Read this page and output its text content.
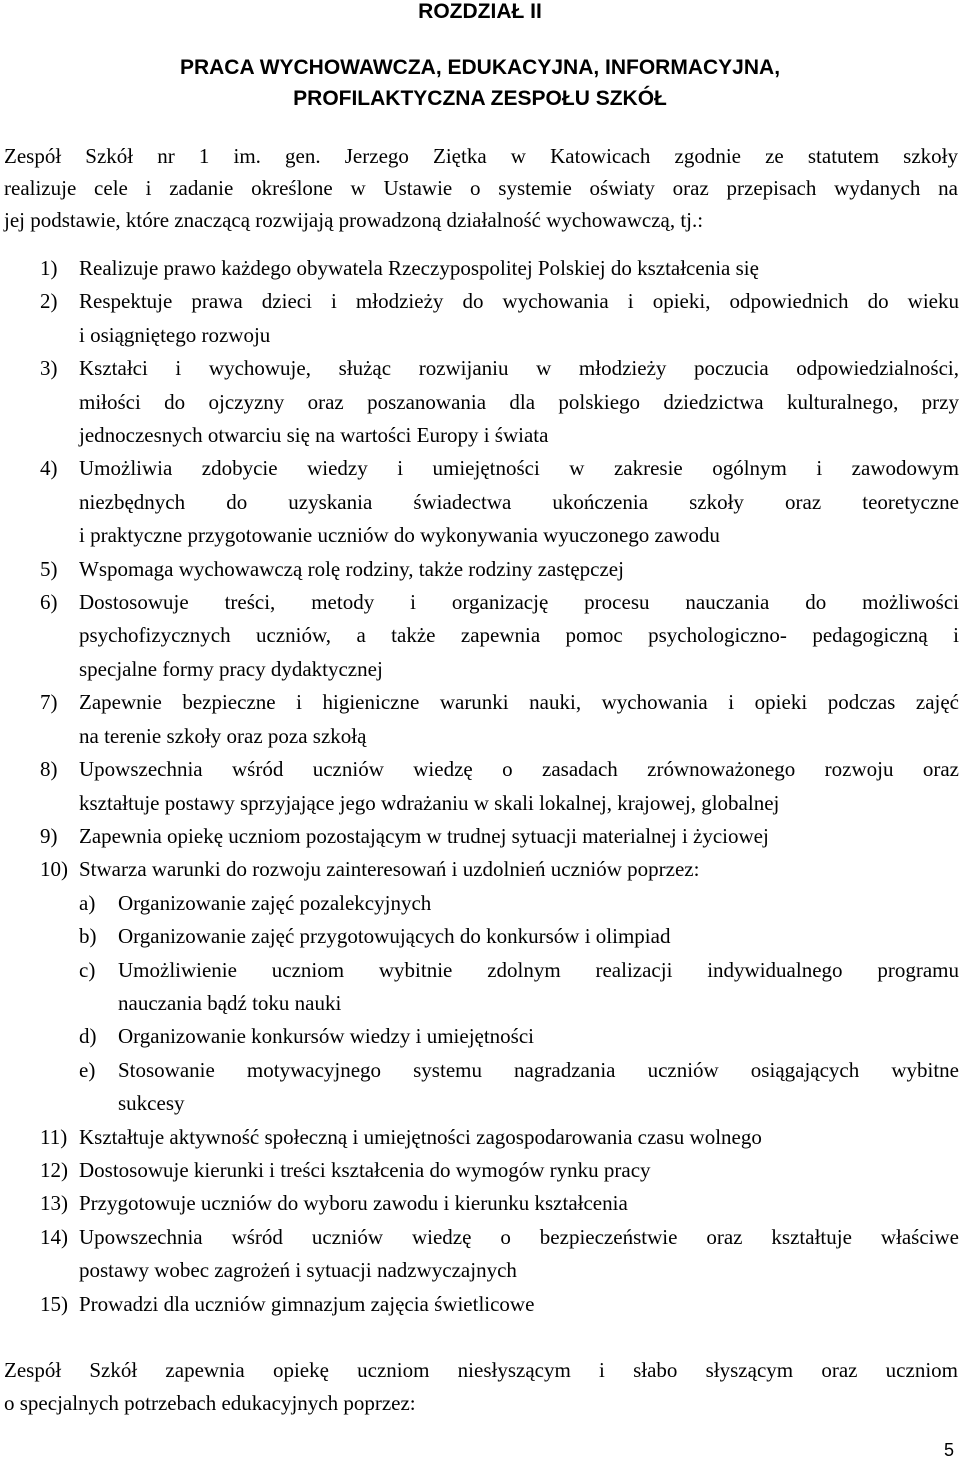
ROZDZIAŁ II
PRACA WYCHOWAWCZA, EDUKACYJNA, INFORMACYJNA,
PROFILAKTYCZNA ZESPOŁU SZKÓŁ
Zespół Szkół nr 1 im. gen. Jerzego Ziętka w Katowicach zgodnie ze statutem szkoły
realizuje cele i zadanie określone w Ustawie o systemie oświaty oraz przepisach wydanych na
jej podstawie, które znaczącą rozwijają prowadzoną działalność wychowawczą, tj.:
1) Realizuje prawo każdego obywatela Rzeczypospolitej Polskiej do kształcenia się
2) Respektuje prawa dzieci i młodzieży do wychowania i opieki, odpowiednich do wieku
i osiągniętego rozwoju
3) Kształci i wychowuje, służąc rozwijaniu w młodzieży poczucia odpowiedzialności,
miłości do ojczyzny oraz poszanowania dla polskiego dziedzictwa kulturalnego, przy
jednoczesnych otwarciu się na wartości Europy i świata
4) Umożliwia zdobycie wiedzy i umiejętności w zakresie ogólnym i zawodowym
niezbędnych do uzyskania świadectwa ukończenia szkoły oraz teoretyczne
i praktyczne przygotowanie uczniów do wykonywania wyuczonego zawodu
5) Wspomaga wychowawczą rolę rodziny, także rodziny zastępczej
6) Dostosowuje treści, metody i organizację procesu nauczania do możliwości
psychofizycznych uczniów, a także zapewnia pomoc psychologiczno- pedagogiczną i
specjalne formy pracy dydaktycznej
7) Zapewnie bezpieczne i higieniczne warunki nauki, wychowania i opieki podczas zajęć
na terenie szkoły oraz poza szkołą
8) Upowszechnia wśród uczniów wiedzę o zasadach zrównoważonego rozwoju oraz
kształtuje postawy sprzyjające jego wdrażaniu w skali lokalnej, krajowej, globalnej
9) Zapewnia opiekę uczniom pozostającym w trudnej sytuacji materialnej i życiowej
10) Stwarza warunki do rozwoju zainteresowań i uzdolnień uczniów poprzez:
a) Organizowanie zajęć pozalekcyjnych
b) Organizowanie zajęć przygotowujących do konkursów i olimpiad
c) Umożliwienie uczniom wybitnie zdolnym realizacji indywidualnego programu
nauczania bądź toku nauki
d) Organizowanie konkursów wiedzy i umiejętności
e) Stosowanie motywacyjnego systemu nagradzania uczniów osiągających wybitne
sukcesy
11) Kształtuje aktywność społeczną i umiejętności zagospodarowania czasu wolnego
12) Dostosowuje kierunki i treści kształcenia do wymogów rynku pracy
13) Przygotowuje uczniów do wyboru zawodu i kierunku kształcenia
14) Upowszechnia wśród uczniów wiedzę o bezpieczeństwie oraz kształtuje właściwe
postawy wobec zagrożeń i sytuacji nadzwyczajnych
15) Prowadzi dla uczniów gimnazjum zajęcia świetlicowe
Zespół Szkół zapewnia opiekę uczniom niesłyszącym i słabo słyszącym oraz uczniom
o specjalnych potrzebach edukacyjnych poprzez:
5
